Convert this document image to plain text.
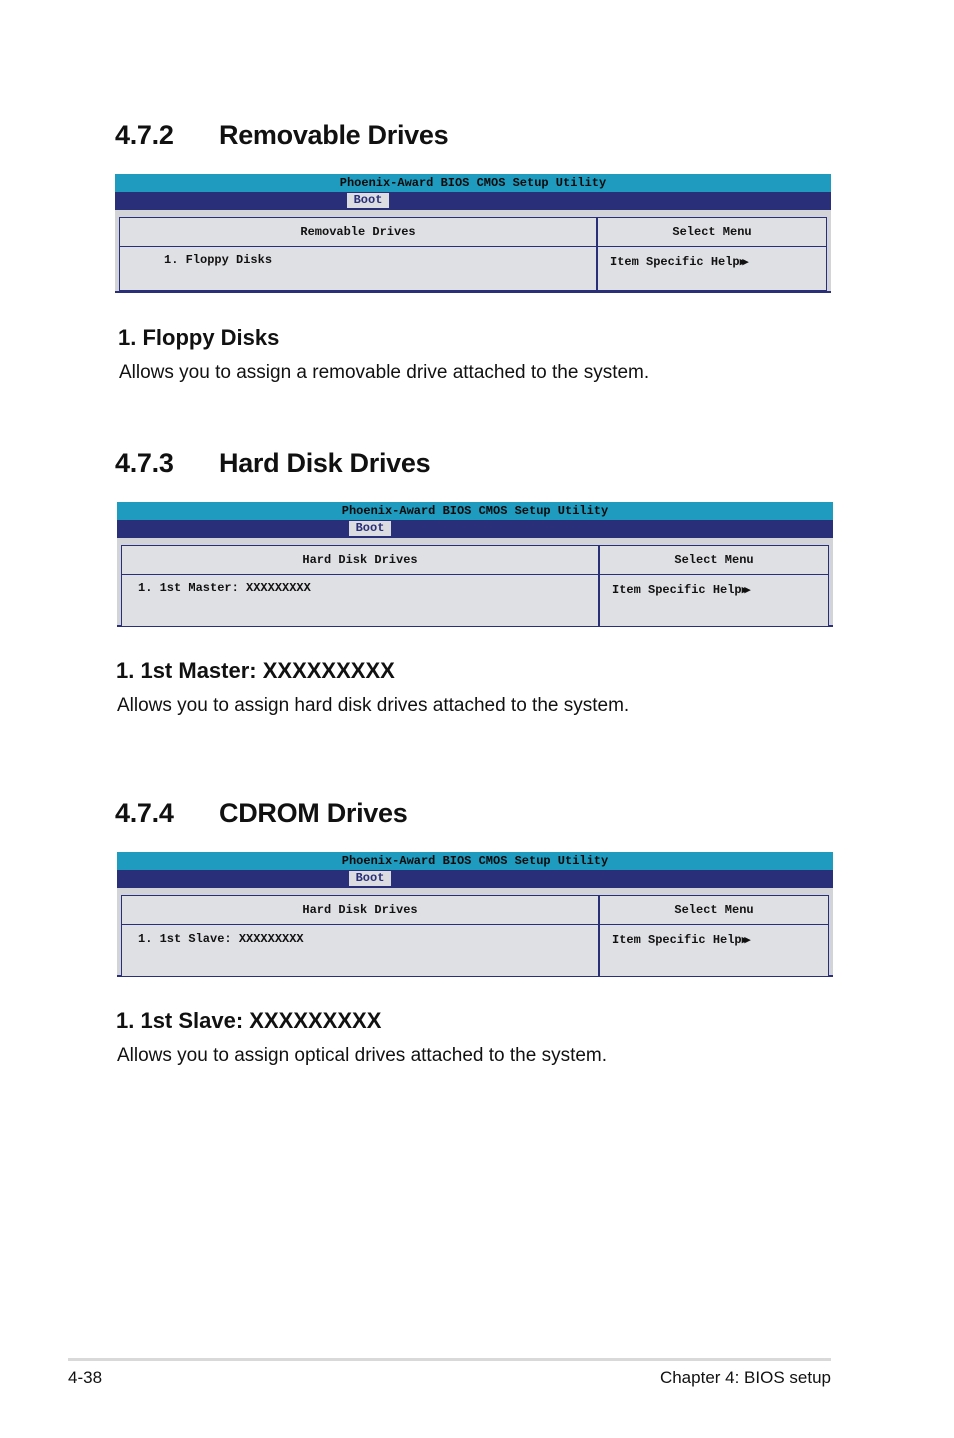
4.7.2 Removable Drives
Phoenix-Award BIOS CMOS Setup Utility
Boot
Removable Drives
1. Floppy Disks
Select Menu
Item Specific Help▶▶
1. Floppy Disks
Allows you to assign a removable drive attached to the system.
4.7.3 Hard Disk Drives
Phoenix-Award BIOS CMOS Setup Utility
Boot
Hard Disk Drives
1. 1st Master: XXXXXXXXX
Select Menu
Item Specific Help▶▶
1. 1st Master: XXXXXXXXX
Allows you to assign hard disk drives attached to the system.
4.7.4 CDROM Drives
Phoenix-Award BIOS CMOS Setup Utility
Boot
Hard Disk Drives
1. 1st Slave: XXXXXXXXX
Select Menu
Item Specific Help▶▶
1. 1st Slave: XXXXXXXXX
Allows you to assign optical drives attached to the system.
4-38	Chapter 4: BIOS setup
